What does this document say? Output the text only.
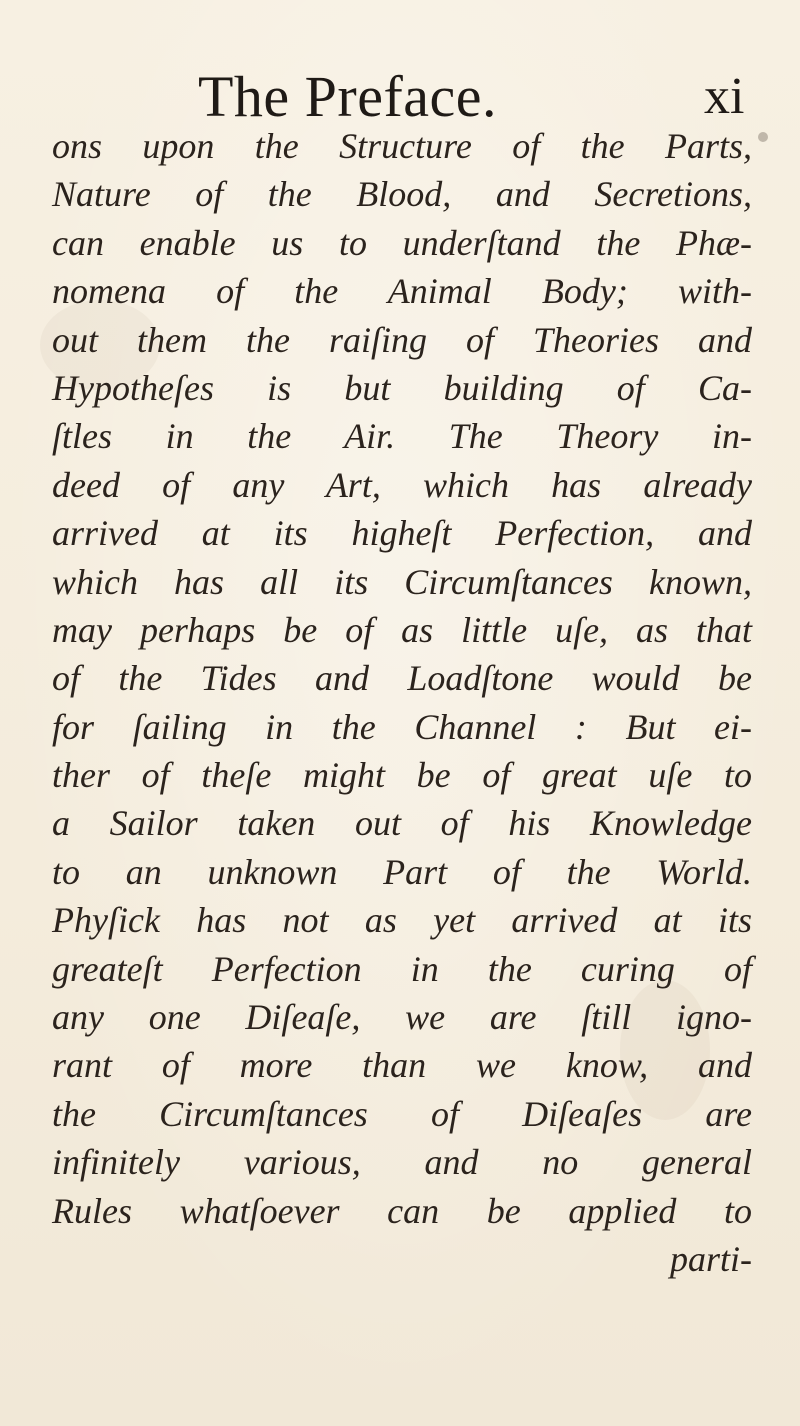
The Preface.	xi
ons upon the Structure of the Parts,
Nature of the Blood, and Secretions,
can enable us to underſtand the Phæ-
nomena of the Animal Body; with-
out them the raiſing of Theories and
Hypotheſes is but building of Ca-
ſtles in the Air. The Theory in-
deed of any Art, which has already
arrived at its higheſt Perfection, and
which has all its Circumſtances known,
may perhaps be of as little uſe, as that
of the Tides and Loadſtone would be
for ſailing in the Channel : But ei-
ther of theſe might be of great uſe to
a Sailor taken out of his Knowledge
to an unknown Part of the World.
Phyſick has not as yet arrived at its
greateſt Perfection in the curing of
any one Diſeaſe, we are ſtill igno-
rant of more than we know, and
the Circumſtances of Diſeaſes are
infinitely various, and no general
Rules whatſoever can be applied to
parti-
